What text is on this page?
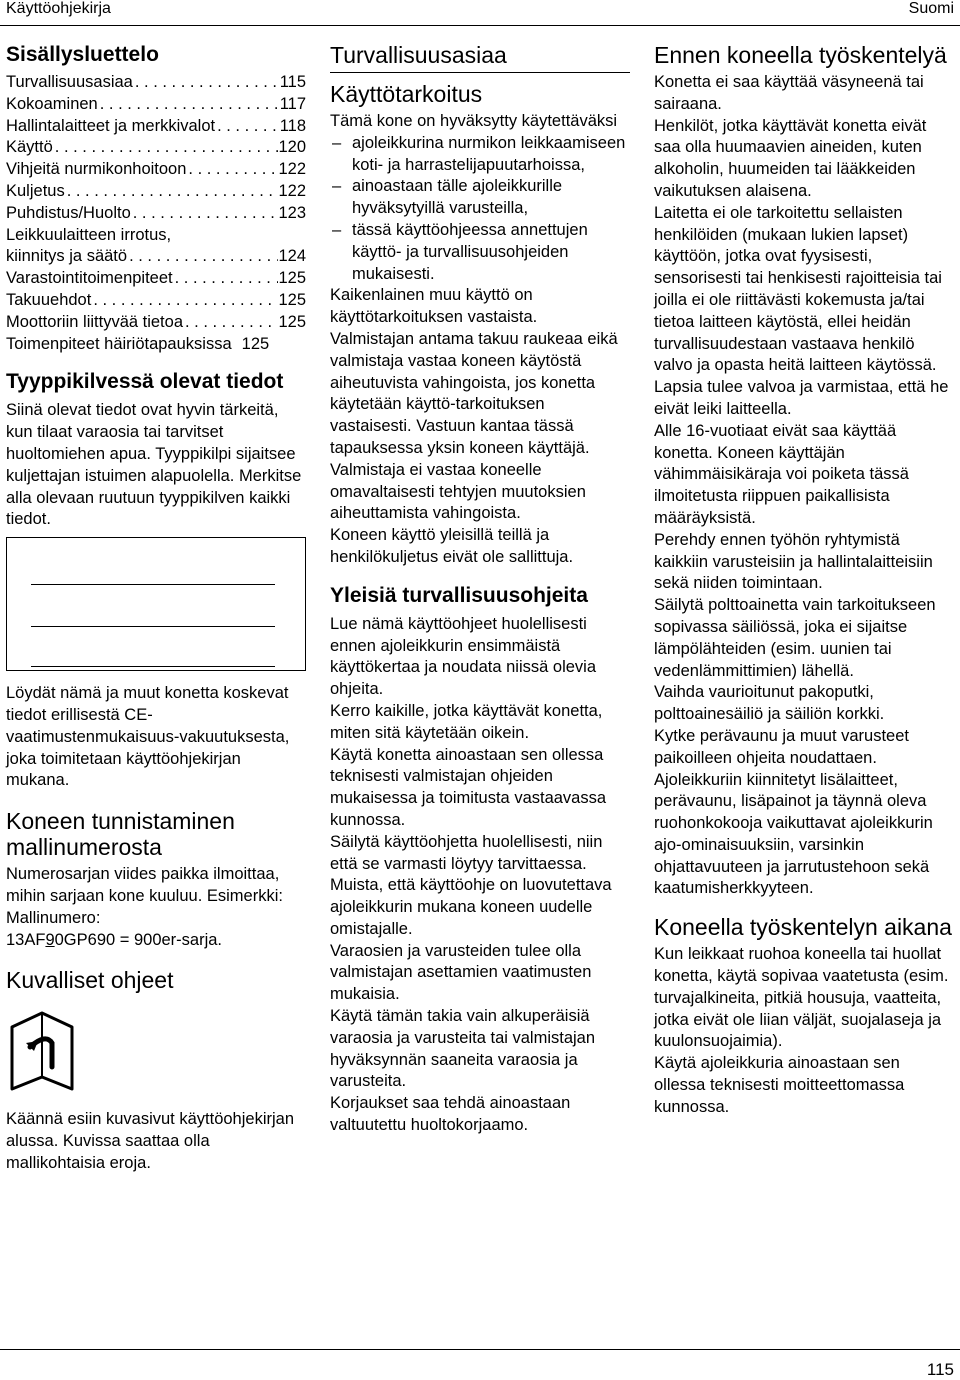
Käyttöohjekirja	Suomi
Sisällysluettelo
Turvallisuusasiaa . . .	115
Kokoaminen . . .	117
Hallintalaitteet ja merkkivalot . . .	118
Käyttö . . .	120
Vihjeitä nurmikonhoitoon . . .	122
Kuljetus . . .	122
Puhdistus/Huolto . . .	123
Leikkuulaitteen irrotus,
kiinnitys ja säätö . . .	124
Varastointitoimenpiteet . . .	125
Takuuehdot . . .	125
Moottoriin liittyvää tietoa . . .	125
Toimenpiteet häiriötapauksissa 125
Tyyppikilvessä olevat tiedot

Siinä olevat tiedot ovat hyvin tärkeitä, kun tilaat varaosia tai tarvitset huoltomiehen apua. Tyyppikilpi sijaitsee kuljettajan istuimen alapuolella. Merkitse alla olevaan ruutuun tyyppikilven kaikki tiedot.

Löydät nämä ja muut konetta koskevat tiedot erillisestä CE-vaatimustenmukaisuus-vakuutuksesta, joka toimitetaan käyttöohjekirjan mukana.

Koneen tunnistaminen mallinumerosta

Numerosarjan viides paikka ilmoittaa, mihin sarjaan kone kuuluu. Esimerkki:

Mallinumero:

13AF90GP690 = 900er-sarja.

Kuvalliset ohjeet

Käännä esiin kuvasivut käyttöohjekirjan alussa. Kuvissa saattaa olla mallikohtaisia eroja.

Turvallisuusasiaa
Käyttötarkoitus

Tämä kone on hyväksytty käytettäväksi

– ajoleikkurina nurmikon leikkaamiseen koti- ja harrastelijapuutarhoissa,
– ainoastaan tälle ajoleikkurille hyväksytyillä varusteilla,
– tässä käyttöohjeessa annettujen käyttö- ja turvallisuusohjeiden mukaisesti.

Kaikenlainen muu käyttö on käyttötarkoituksen vastaista.

Valmistajan antama takuu raukeaa eikä valmistaja vastaa koneen käytöstä aiheutuvista vahingoista, jos konetta käytetään käyttö-tarkoituksen vastaisesti. Vastuun kantaa tässä tapauksessa yksin koneen käyttäjä.

Valmistaja ei vastaa koneelle omavaltaisesti tehtyjen muutoksien aiheuttamista vahingoista.

Koneen käyttö yleisillä teillä ja henkilökuljetus eivät ole sallittuja.

Yleisiä turvallisuusohjeita

Lue nämä käyttöohjeet huolellisesti ennen ajoleikkurin ensimmäistä käyttökertaa ja noudata niissä olevia ohjeita.

Kerro kaikille, jotka käyttävät konetta, miten sitä käytetään oikein.

Käytä konetta ainoastaan sen ollessa teknisesti valmistajan ohjeiden mukaisessa ja toimitusta vastaavassa kunnossa.

Säilytä käyttöohjetta huolellisesti, niin että se varmasti löytyy tarvittaessa. Muista, että käyttöohje on luovutettava ajoleikkurin mukana koneen uudelle omistajalle.

Varaosien ja varusteiden tulee olla valmistajan asettamien vaatimusten mukaisia.

Käytä tämän takia vain alkuperäisiä varaosia ja varusteita tai valmistajan hyväksynnän saaneita varaosia ja varusteita.

Korjaukset saa tehdä ainoastaan valtuutettu huoltokorjaamo.

Ennen koneella työskentelyä

Konetta ei saa käyttää väsyneenä tai sairaana.

Henkilöt, jotka käyttävät konetta eivät saa olla huumaavien aineiden, kuten alkoholin, huumeiden tai lääkkeiden vaikutuksen alaisena.

Laitetta ei ole tarkoitettu sellaisten henkilöiden (mukaan lukien lapset) käyttöön, jotka ovat fyysisesti, sensorisesti tai henkisesti rajoitteisia tai joilla ei ole riittävästi kokemusta ja/tai tietoa laitteen käytöstä, ellei heidän turvallisuudestaan vastaava henkilö valvo ja opasta heitä laitteen käytössä.

Lapsia tulee valvoa ja varmistaa, että he eivät leiki laitteella.

Alle 16-vuotiaat eivät saa käyttää konetta. Koneen käyttäjän vähimmäisikäraja voi poiketa tässä ilmoitetusta riippuen paikallisista määräyksistä.

Perehdy ennen työhön ryhtymistä kaikkiin varusteisiin ja hallintalaitteisiin sekä niiden toimintaan.

Säilytä polttoainetta vain tarkoitukseen sopivassa säiliössä, joka ei sijaitse lämpölähteiden (esim. uunien tai vedenlämmittimien) lähellä.

Vaihda vaurioitunut pakoputki, polttoainesäiliö ja säiliön korkki.

Kytke perävaunu ja muut varusteet paikoilleen ohjeita noudattaen.

Ajoleikkuriin kiinnitetyt lisälaitteet, perävaunu, lisäpainot ja täynnä oleva ruohonkokooja vaikuttavat ajoleikkurin ajo-ominaisuuksiin, varsinkin ohjattavuuteen ja jarrutustehoon sekä kaatumisherkkyyteen.

Koneella työskentelyn aikana

Kun leikkaat ruohoa koneella tai huollat konetta, käytä sopivaa vaatetusta (esim. turvajalkineita, pitkiä housuja, vaatteita, jotka eivät ole liian väljät, suojalaseja ja kuulonsuojaimia).

Käytä ajoleikkuria ainoastaan sen ollessa teknisesti moitteettomassa kunnossa.

115
